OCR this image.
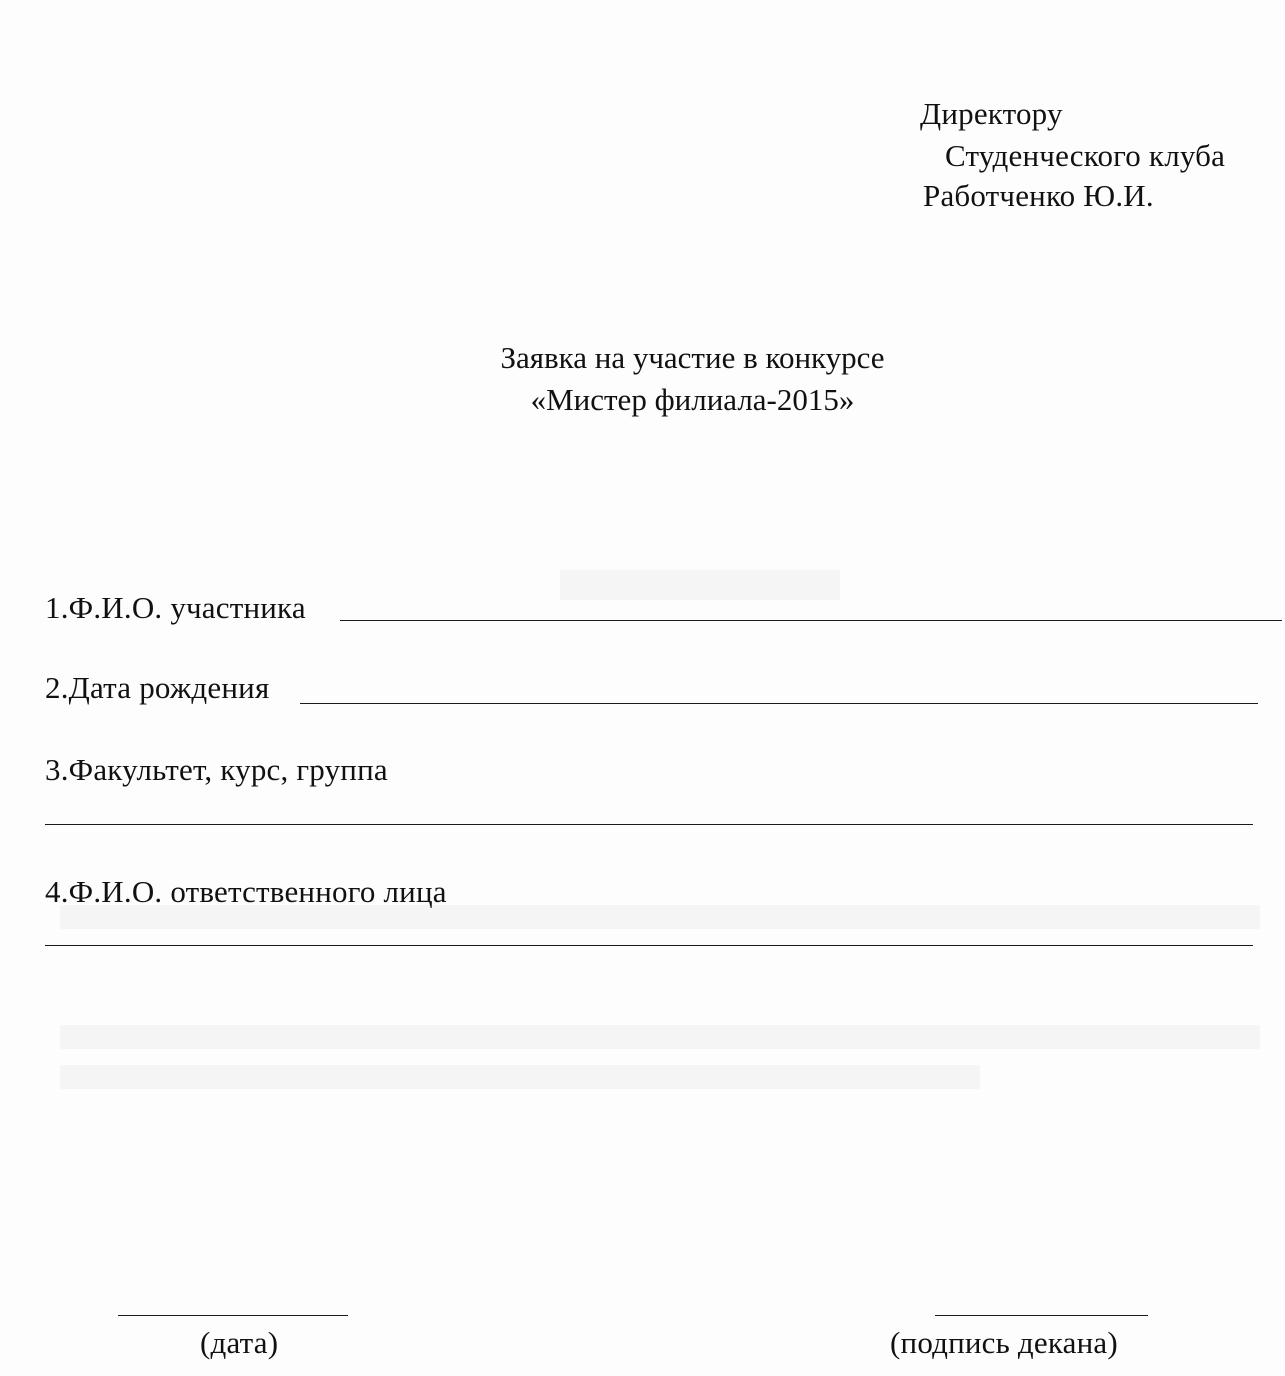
Директору
Студенческого клуба
Работченко Ю.И.
Заявка на участие в конкурсе
«Мистер филиала-2015»
1.Ф.И.О. участника
2.Дата рождения
3.Факультет, курс, группа
4.Ф.И.О. ответственного лица
(дата)	(подпись декана)
